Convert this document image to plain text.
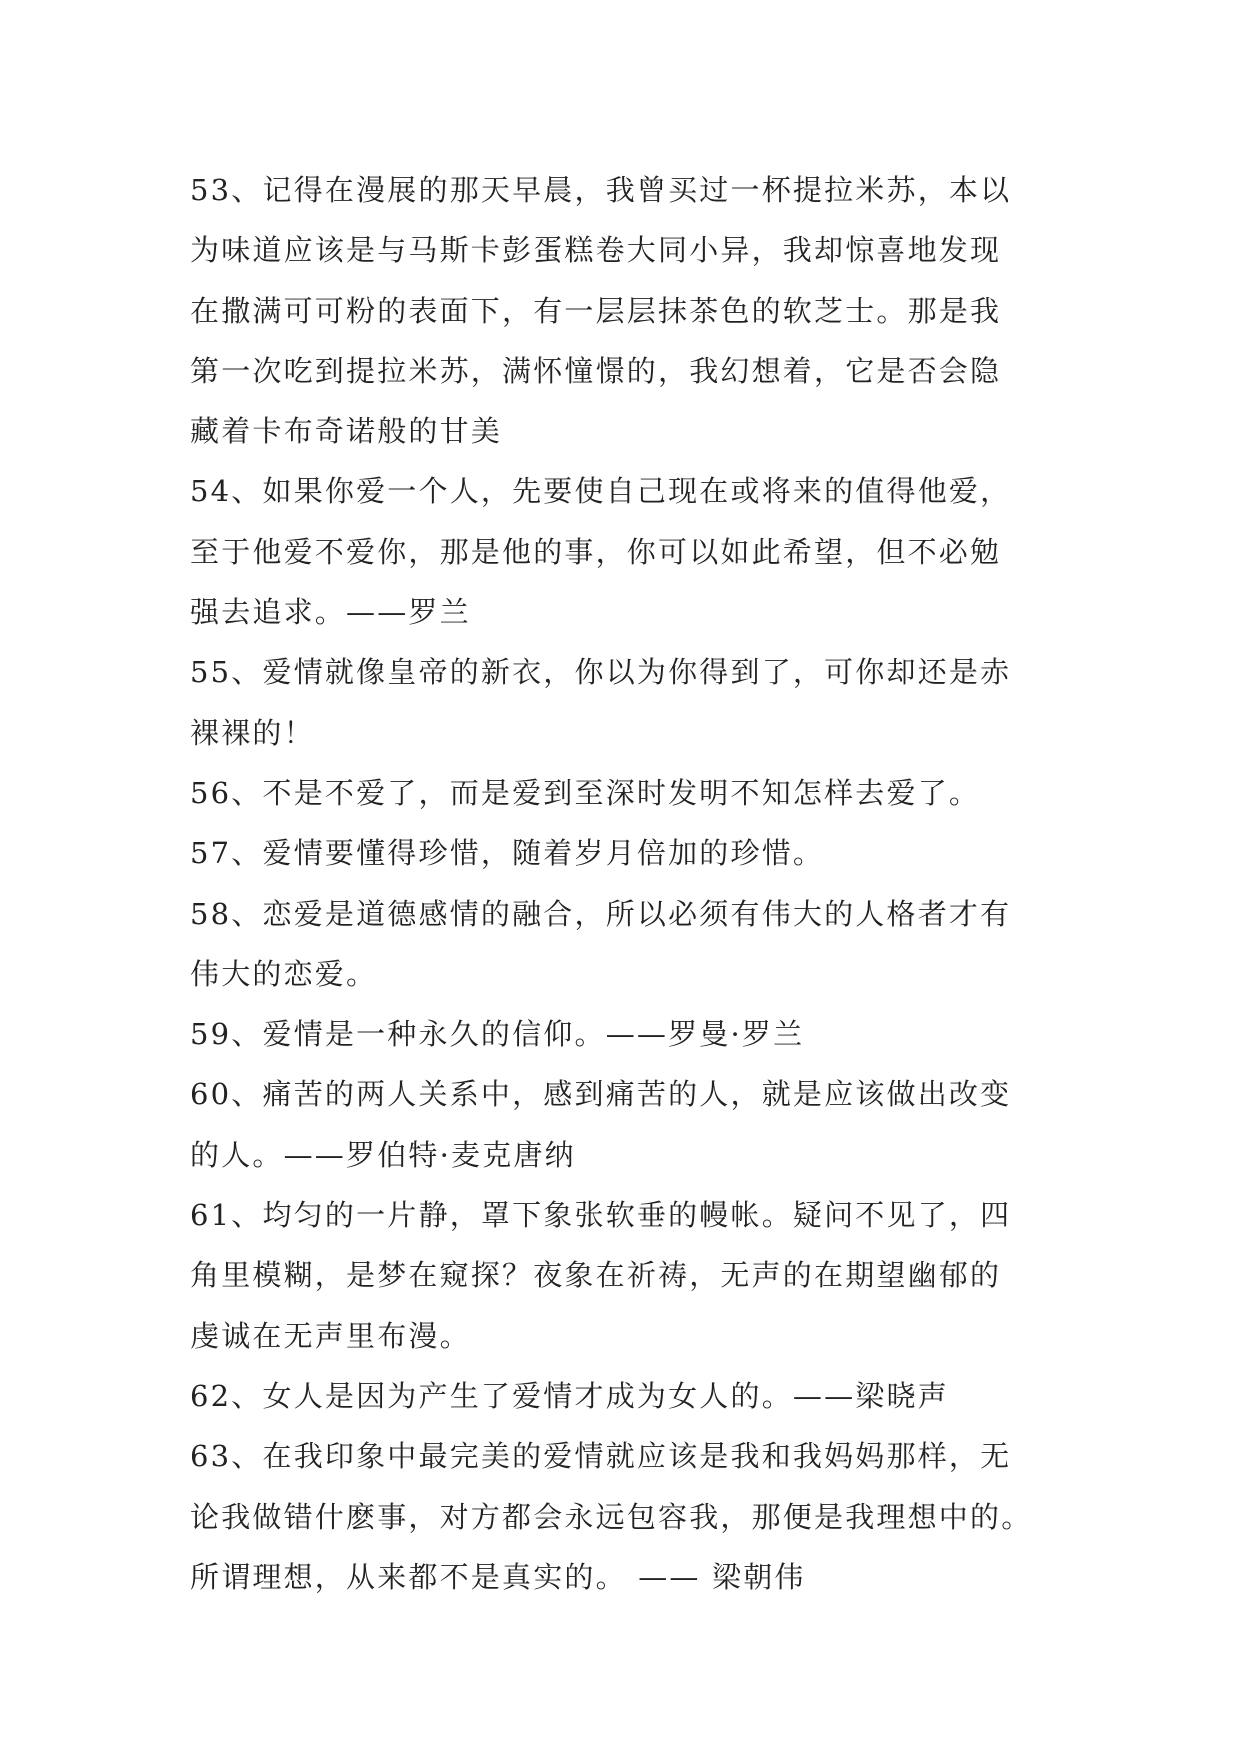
53、记得在漫展的那天早晨，我曾买过一杯提拉米苏，本以
为味道应该是与马斯卡彭蛋糕卷大同小异，我却惊喜地发现
在撒满可可粉的表面下，有一层层抹茶色的软芝士。那是我
第一次吃到提拉米苏，满怀憧憬的，我幻想着，它是否会隐
藏着卡布奇诺般的甘美
54、如果你爱一个人，先要使自己现在或将来的值得他爱，
至于他爱不爱你，那是他的事，你可以如此希望，但不必勉
强去追求。——罗兰
55、爱情就像皇帝的新衣，你以为你得到了，可你却还是赤
裸裸的！
56、不是不爱了，而是爱到至深时发明不知怎样去爱了。
57、爱情要懂得珍惜，随着岁月倍加的珍惜。
58、恋爱是道德感情的融合，所以必须有伟大的人格者才有
伟大的恋爱。
59、爱情是一种永久的信仰。——罗曼·罗兰
60、痛苦的两人关系中，感到痛苦的人，就是应该做出改变
的人。——罗伯特·麦克唐纳
61、均匀的一片静，罩下象张软垂的幔帐。疑问不见了，四
角里模糊，是梦在窥探？夜象在祈祷，无声的在期望幽郁的
虔诚在无声里布漫。
62、女人是因为产生了爱情才成为女人的。——梁晓声
63、在我印象中最完美的爱情就应该是我和我妈妈那样，无
论我做错什麽事，对方都会永远包容我，那便是我理想中的。
所谓理想，从来都不是真实的。 —— 梁朝伟
